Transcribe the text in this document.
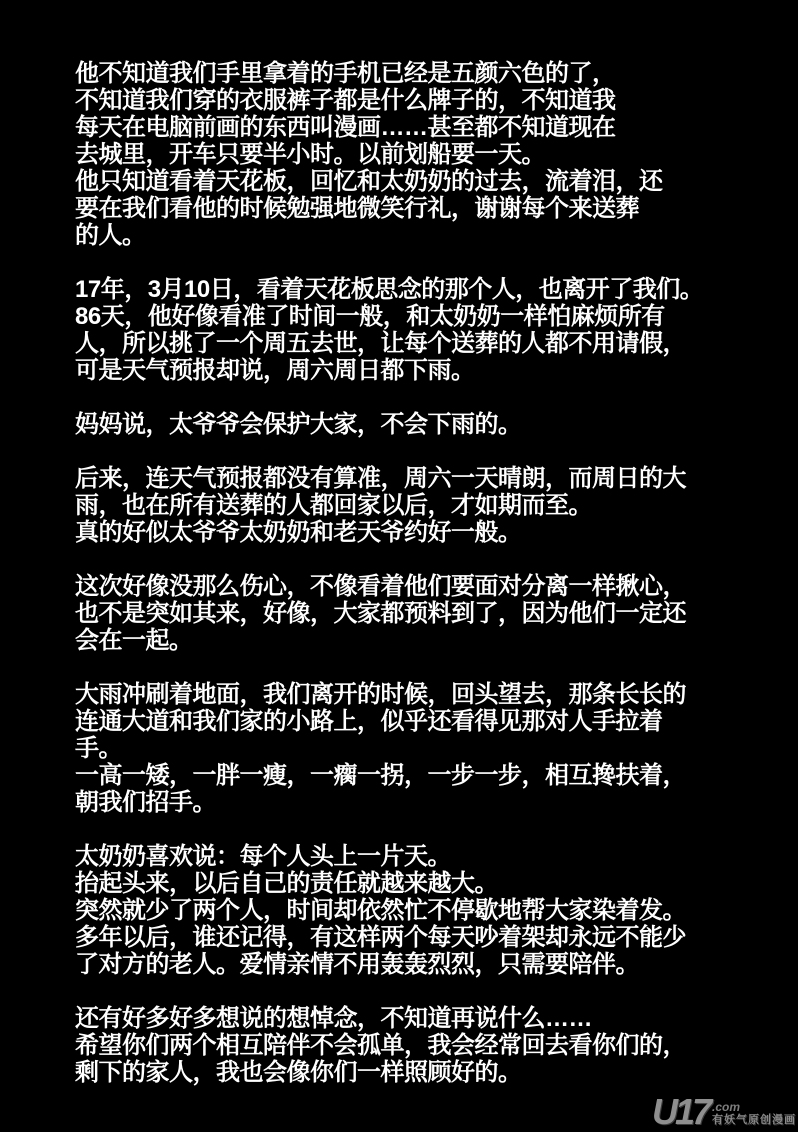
他不知道我们手里拿着的手机已经是五颜六色的了，
不知道我们穿的衣服裤子都是什么牌子的，不知道我
每天在电脑前画的东西叫漫画……甚至都不知道现在
去城里，开车只要半小时。以前划船要一天。
他只知道看着天花板，回忆和太奶奶的过去，流着泪，还
要在我们看他的时候勉强地微笑行礼，谢谢每个来送葬
的人。
17年，3月10日，看着天花板思念的那个人，也离开了我们。
86天，他好像看准了时间一般，和太奶奶一样怕麻烦所有
人，所以挑了一个周五去世，让每个送葬的人都不用请假，
可是天气预报却说，周六周日都下雨。
妈妈说，太爷爷会保护大家，不会下雨的。
后来，连天气预报都没有算准，周六一天晴朗，而周日的大
雨，也在所有送葬的人都回家以后，才如期而至。
真的好似太爷爷太奶奶和老天爷约好一般。
这次好像没那么伤心，不像看着他们要面对分离一样揪心，
也不是突如其来，好像，大家都预料到了，因为他们一定还
会在一起。
大雨冲刷着地面，我们离开的时候，回头望去，那条长长的
连通大道和我们家的小路上，似乎还看得见那对人手拉着
手。
一高一矮，一胖一瘦，一瘸一拐，一步一步，相互搀扶着，
朝我们招手。
太奶奶喜欢说：每个人头上一片天。
抬起头来，以后自己的责任就越来越大。
突然就少了两个人，时间却依然忙不停歇地帮大家染着发。
多年以后，谁还记得，有这样两个每天吵着架却永远不能少
了对方的老人。爱情亲情不用轰轰烈烈，只需要陪伴。
还有好多好多想说的想悼念，不知道再说什么……
希望你们两个相互陪伴不会孤单，我会经常回去看你们的，
剩下的家人，我也会像你们一样照顾好的。
U17 .com
有妖气原创漫画
